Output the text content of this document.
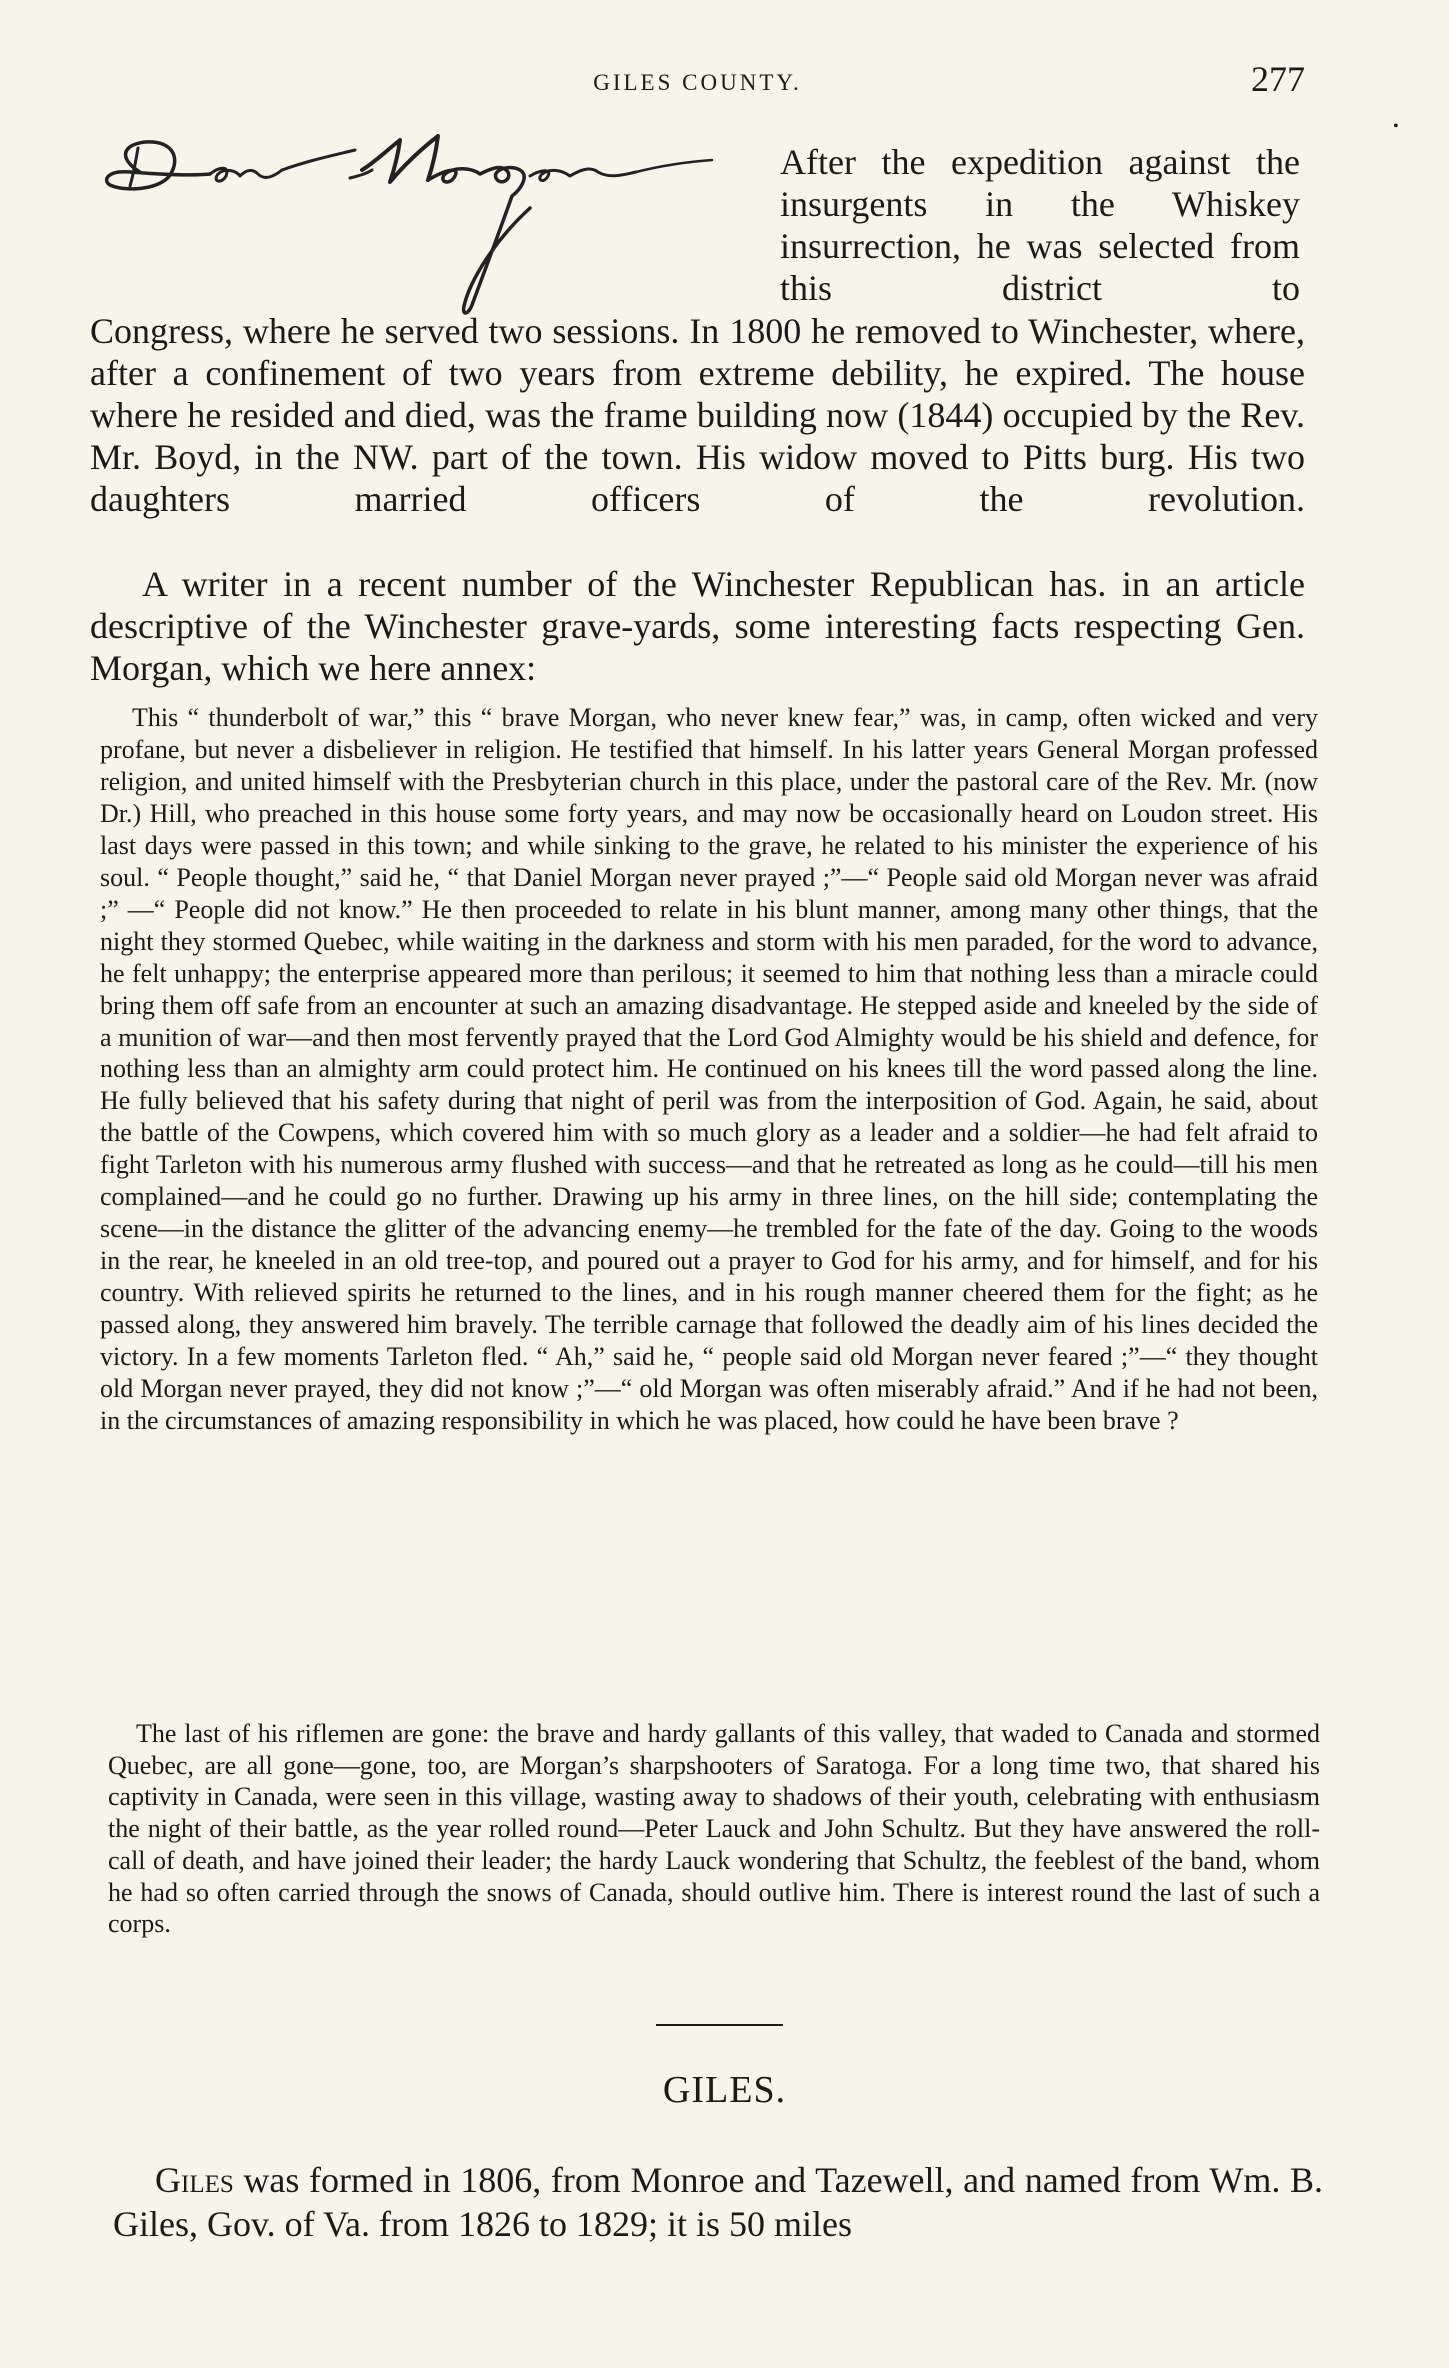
GILES COUNTY.	277
•
After the expedition against the insurgents in the Whiskey insurrection, he was selected from this district to
Congress, where he served two sessions. In 1800 he removed to Winchester, where, after a confinement of two years from extreme debility, he expired. The house where he resided and died, was the frame building now (1844) occupied by the Rev. Mr. Boyd, in the NW. part of the town. His widow moved to Pitts burg. His two daughters married officers of the revolution.
A writer in a recent number of the Winchester Republican has. in an article descriptive of the Winchester grave-yards, some interesting facts respecting Gen. Morgan, which we here annex:
This “ thunderbolt of war,” this “ brave Morgan, who never knew fear,” was, in camp, often wicked and very profane, but never a disbeliever in religion. He testified that himself. In his latter years General Morgan professed religion, and united himself with the Presbyterian church in this place, under the pastoral care of the Rev. Mr. (now Dr.) Hill, who preached in this house some forty years, and may now be occasionally heard on Loudon street. His last days were passed in this town; and while sinking to the grave, he related to his minister the experience of his soul. “ People thought,” said he, “ that Daniel Morgan never prayed ;”—“ People said old Morgan never was afraid ;” —“ People did not know.” He then proceeded to relate in his blunt manner, among many other things, that the night they stormed Quebec, while waiting in the darkness and storm with his men paraded, for the word to advance, he felt unhappy; the enterprise appeared more than perilous; it seemed to him that nothing less than a miracle could bring them off safe from an encounter at such an amazing disadvantage. He stepped aside and kneeled by the side of a munition of war—and then most fervently prayed that the Lord God Almighty would be his shield and defence, for nothing less than an almighty arm could protect him. He continued on his knees till the word passed along the line. He fully believed that his safety during that night of peril was from the interposition of God. Again, he said, about the battle of the Cowpens, which covered him with so much glory as a leader and a soldier—he had felt afraid to fight Tarleton with his numerous army flushed with success—and that he retreated as long as he could—till his men complained—and he could go no further. Drawing up his army in three lines, on the hill side; contemplating the scene—in the distance the glitter of the advancing enemy—he trembled for the fate of the day. Going to the woods in the rear, he kneeled in an old tree-top, and poured out a prayer to God for his army, and for himself, and for his country. With relieved spirits he returned to the lines, and in his rough manner cheered them for the fight; as he passed along, they answered him bravely. The terrible carnage that followed the deadly aim of his lines decided the victory. In a few moments Tarleton fled. “ Ah,” said he, “ people said old Morgan never feared ;”—“ they thought old Morgan never prayed, they did not know ;”—“ old Morgan was often miserably afraid.” And if he had not been, in the circumstances of amazing responsibility in which he was placed, how could he have been brave ?
The last of his riflemen are gone: the brave and hardy gallants of this valley, that waded to Canada and stormed Quebec, are all gone—gone, too, are Morgan’s sharpshooters of Saratoga. For a long time two, that shared his captivity in Canada, were seen in this village, wasting away to shadows of their youth, celebrating with enthusiasm the night of their battle, as the year rolled round—Peter Lauck and John Schultz. But they have answered the roll-call of death, and have joined their leader; the hardy Lauck wondering that Schultz, the feeblest of the band, whom he had so often carried through the snows of Canada, should outlive him. There is interest round the last of such a corps.
GILES.
Giles was formed in 1806, from Monroe and Tazewell, and named from Wm. B. Giles, Gov. of Va. from 1826 to 1829; it is 50 miles
